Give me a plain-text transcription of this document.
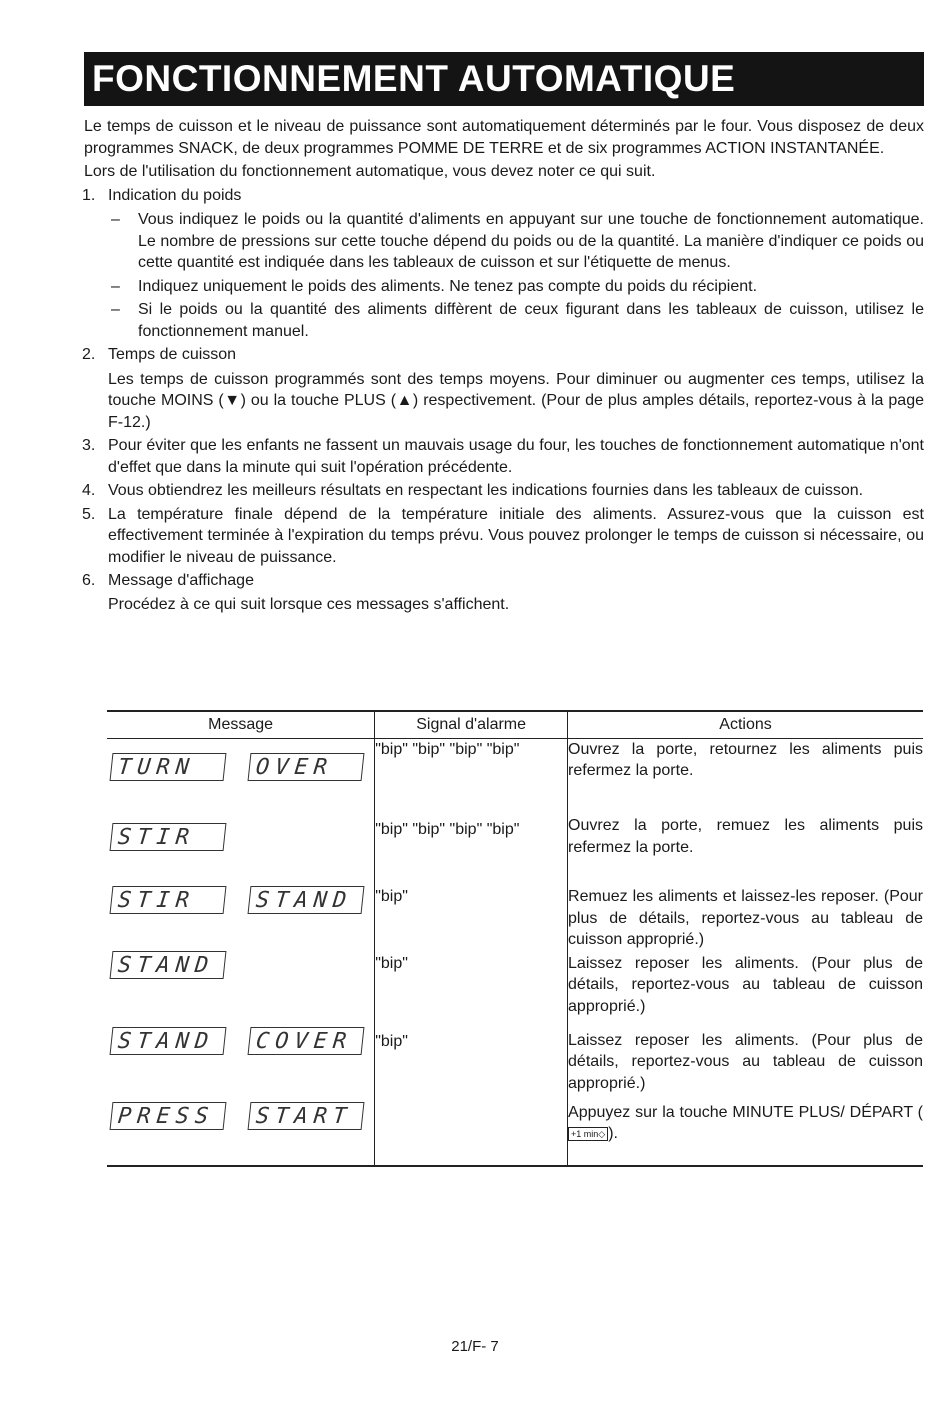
FONCTIONNEMENT AUTOMATIQUE

Le temps de cuisson et le niveau de puissance sont automatiquement déterminés par le four. Vous disposez de deux programmes SNACK, de deux programmes POMME DE TERRE et de six programmes ACTION INSTANTANÉE.

Lors de l'utilisation du fonctionnement automatique, vous devez noter ce qui suit.

1. Indication du poids

– Vous indiquez le poids ou la quantité d'aliments en appuyant sur une touche de fonctionnement automatique. Le nombre de pressions sur cette touche dépend du poids ou de la quantité. La manière d'indiquer ce poids ou cette quantité est indiquée dans les tableaux de cuisson et sur l'étiquette de menus.

– Indiquez uniquement le poids des aliments. Ne tenez pas compte du poids du récipient.

– Si le poids ou la quantité des aliments diffèrent de ceux figurant dans les tableaux de cuisson, utilisez le fonctionnement manuel.

2. Temps de cuisson

Les temps de cuisson programmés sont des temps moyens. Pour diminuer ou augmenter ces temps, utilisez la touche MOINS (▼) ou la touche PLUS (▲) respectivement. (Pour de plus amples détails, reportez-vous à la page F-12.)

3. Pour éviter que les enfants ne fassent un mauvais usage du four, les touches de fonctionnement automatique n'ont d'effet que dans la minute qui suit l'opération précédente.

4. Vous obtiendrez les meilleurs résultats en respectant les indications fournies dans les tableaux de cuisson.

5. La température finale dépend de la température initiale des aliments. Assurez-vous que la cuisson est effectivement terminée à l'expiration du temps prévu. Vous pouvez prolonger le temps de cuisson si nécessaire, ou modifier le niveau de puissance.

6. Message d'affichage

Procédez à ce qui suit lorsque ces messages s'affichent.

Message	Signal d'alarme	Actions

TURN OVER	"bip" "bip" "bip" "bip"	Ouvrez la porte, retournez les aliments puis refermez la porte.

STIR	"bip" "bip" "bip" "bip"	Ouvrez la porte, remuez les aliments puis refermez la porte.

STIR STAND	"bip"	Remuez les aliments et laissez-les reposer. (Pour plus de détails, reportez-vous au tableau de cuisson approprié.)

STAND	"bip"	Laissez reposer les aliments. (Pour plus de détails, reportez-vous au tableau de cuisson approprié.)

STAND COVER	"bip"	Laissez reposer les aliments. (Pour plus de détails, reportez-vous au tableau de cuisson approprié.)

PRESS START		Appuyez sur la touche MINUTE PLUS/ DÉPART (+1 min◇ ).
21/F- 7
